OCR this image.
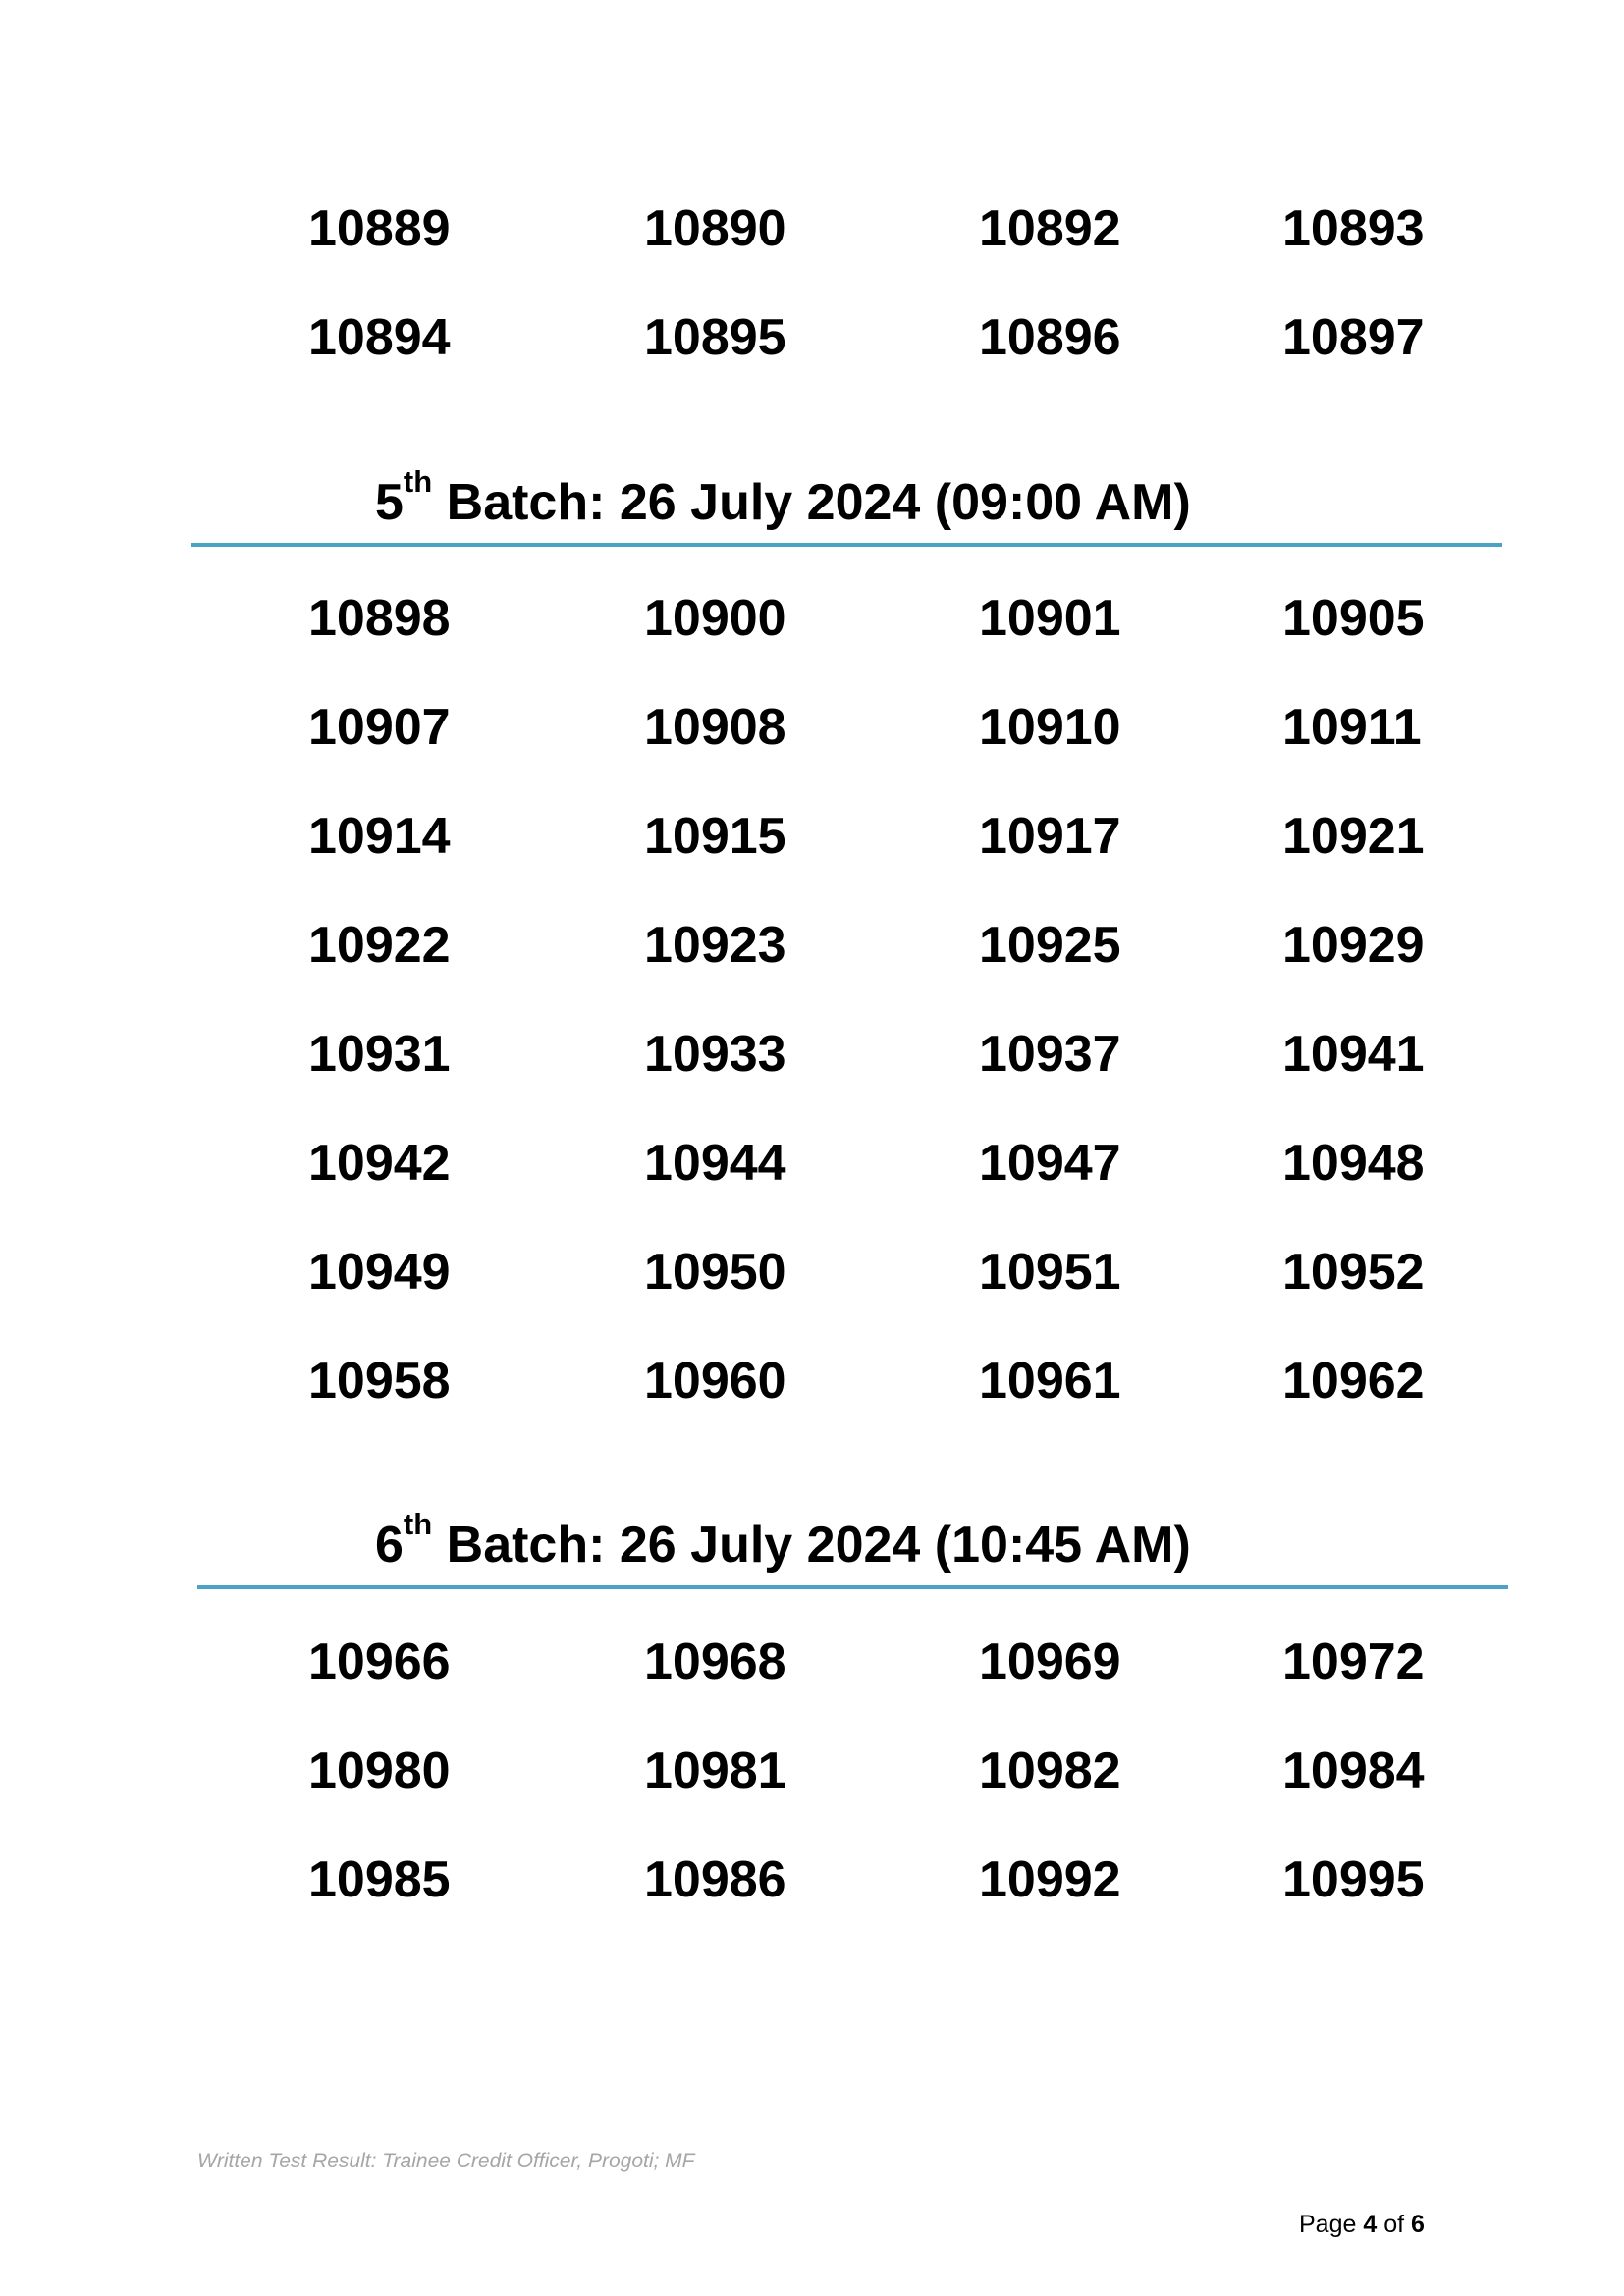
10889	10890	10892	10893
10894	10895	10896	10897
5th Batch: 26 July 2024 (09:00 AM)
10898	10900	10901	10905
10907	10908	10910	10911
10914	10915	10917	10921
10922	10923	10925	10929
10931	10933	10937	10941
10942	10944	10947	10948
10949	10950	10951	10952
10958	10960	10961	10962
6th Batch: 26 July 2024 (10:45 AM)
10966	10968	10969	10972
10980	10981	10982	10984
10985	10986	10992	10995
Written Test Result: Trainee Credit Officer, Progoti; MF
Page 4 of 6
